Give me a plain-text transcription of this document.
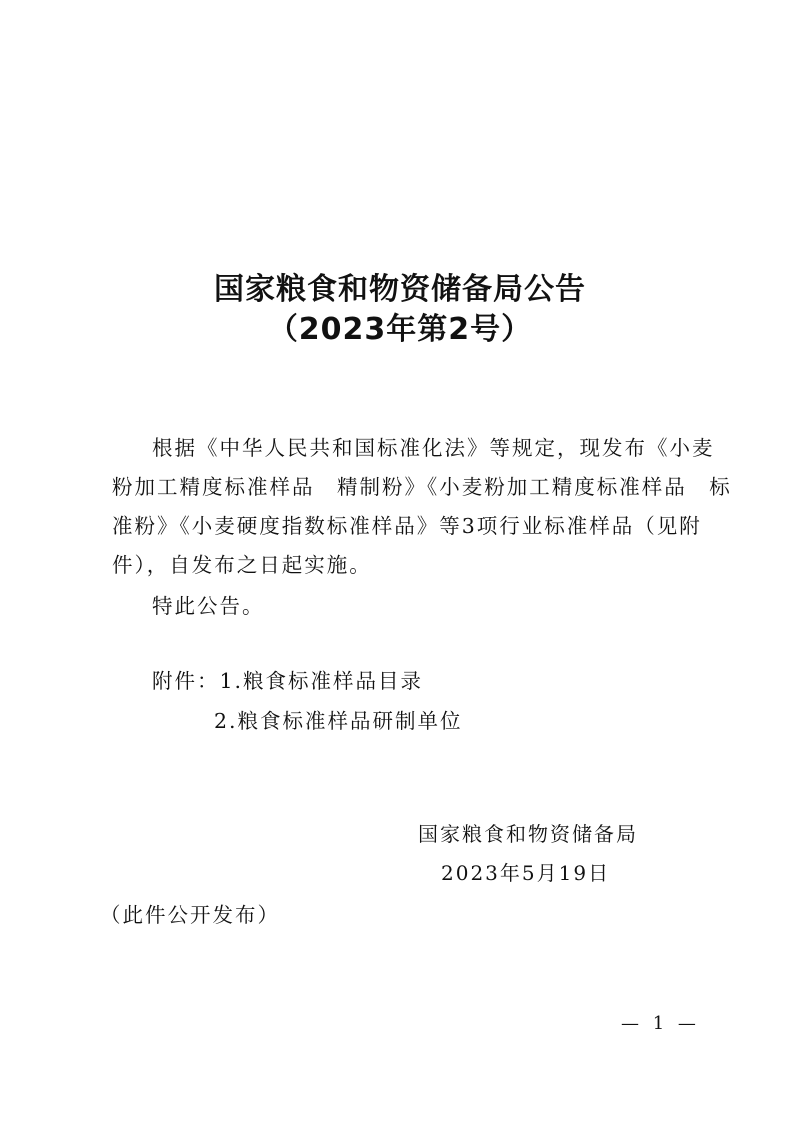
国家粮食和物资储备局公告
（2023年第2号）
根据《中华人民共和国标准化法》等规定，现发布《小麦
粉加工精度标准样品　精制粉》《小麦粉加工精度标准样品　标
准粉》《小麦硬度指数标准样品》等3项行业标准样品（见附
件），自发布之日起实施。
特此公告。
附件：1.粮食标准样品目录
2.粮食标准样品研制单位
国家粮食和物资储备局
2023年5月19日
（此件公开发布）
— 1 —
